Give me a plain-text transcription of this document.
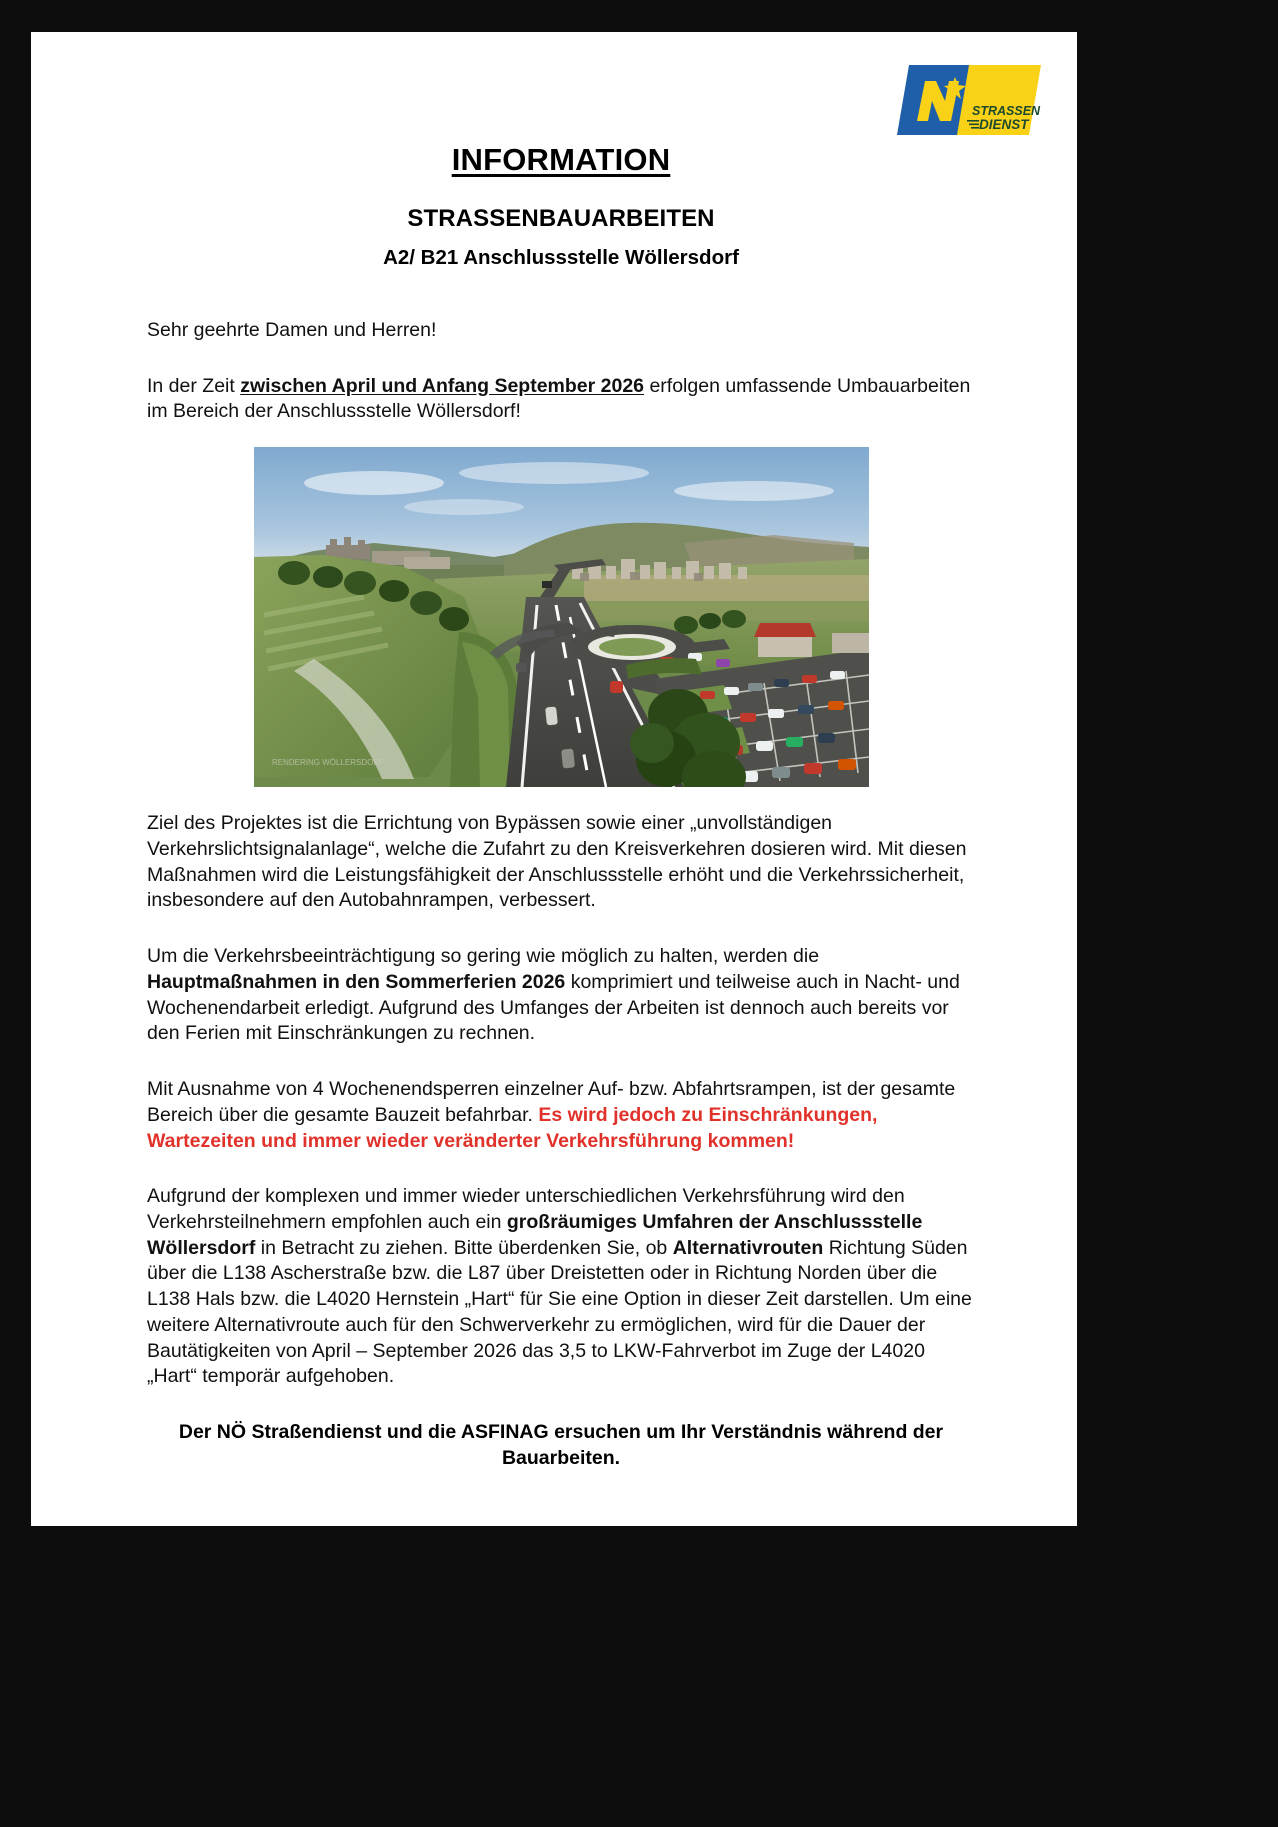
STRASSEN
DIENST
INFORMATION
STRASSENBAUARBEITEN
A2/ B21 Anschlussstelle Wöllersdorf

Sehr geehrte Damen und Herren!

In der Zeit zwischen April und Anfang September 2026 erfolgen umfassende Umbauarbeiten im Bereich der Anschlussstelle Wöllersdorf!

RENDERING WÖLLERSDORF

Ziel des Projektes ist die Errichtung von Bypässen sowie einer „unvollständigen Verkehrslichtsignalanlage“, welche die Zufahrt zu den Kreisverkehren dosieren wird. Mit diesen Maßnahmen wird die Leistungsfähigkeit der Anschlussstelle erhöht und die Verkehrssicherheit, insbesondere auf den Autobahnrampen, verbessert.

Um die Verkehrsbeeinträchtigung so gering wie möglich zu halten, werden die Hauptmaßnahmen in den Sommerferien 2026 komprimiert und teilweise auch in Nacht- und Wochenendarbeit erledigt. Aufgrund des Umfanges der Arbeiten ist dennoch auch bereits vor den Ferien mit Einschränkungen zu rechnen.

Mit Ausnahme von 4 Wochenendsperren einzelner Auf- bzw. Abfahrtsrampen, ist der gesamte Bereich über die gesamte Bauzeit befahrbar. Es wird jedoch zu Einschränkungen, Wartezeiten und immer wieder veränderter Verkehrsführung kommen!

Aufgrund der komplexen und immer wieder unterschiedlichen Verkehrsführung wird den Verkehrsteilnehmern empfohlen auch ein großräumiges Umfahren der Anschlussstelle Wöllersdorf in Betracht zu ziehen. Bitte überdenken Sie, ob Alternativrouten Richtung Süden über die L138 Ascherstraße bzw. die L87 über Dreistetten oder in Richtung Norden über die L138 Hals bzw. die L4020 Hernstein „Hart“ für Sie eine Option in dieser Zeit darstellen. Um eine weitere Alternativroute auch für den Schwerverkehr zu ermöglichen, wird für die Dauer der Bautätigkeiten von April – September 2026 das 3,5 to LKW-Fahrverbot im Zuge der L4020 „Hart“ temporär aufgehoben.

Der NÖ Straßendienst und die ASFINAG ersuchen um Ihr Verständnis während der Bauarbeiten.
